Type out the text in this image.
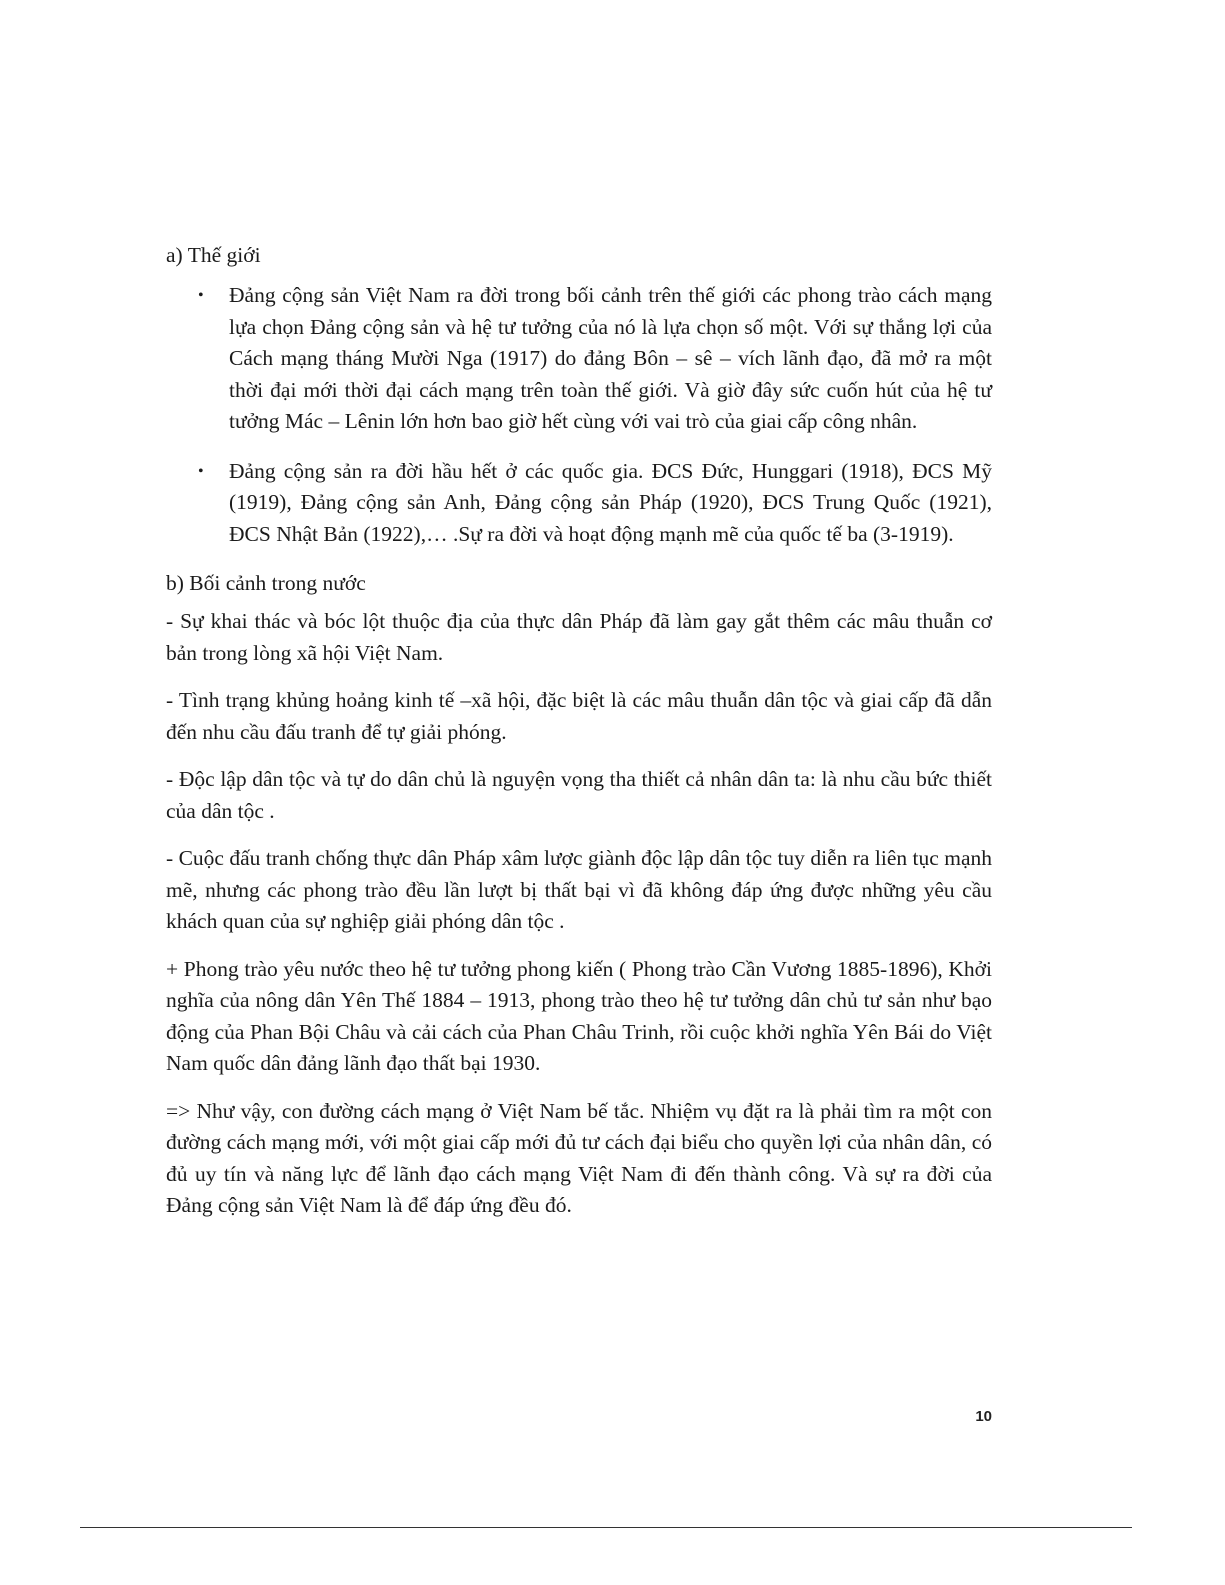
a) Thế giới

• Đảng cộng sản Việt Nam ra đời trong bối cảnh trên thế giới các phong trào cách mạng lựa chọn Đảng cộng sản và hệ tư tưởng của nó là lựa chọn số một. Với sự thắng lợi của Cách mạng tháng Mười Nga (1917) do đảng Bôn – sê – vích lãnh đạo, đã mở ra một thời đại mới thời đại cách mạng trên toàn thế giới. Và giờ đây sức cuốn hút của hệ tư tưởng Mác – Lênin lớn hơn bao giờ hết cùng với vai trò của giai cấp công nhân.
• Đảng cộng sản ra đời hầu hết ở các quốc gia. ĐCS Đức, Hunggari (1918), ĐCS Mỹ (1919), Đảng cộng sản Anh, Đảng cộng sản Pháp (1920), ĐCS Trung Quốc (1921), ĐCS Nhật Bản (1922),… .Sự ra đời và hoạt động mạnh mẽ của quốc tế ba (3-1919).

b) Bối cảnh trong nước

- Sự khai thác và bóc lột thuộc địa của thực dân Pháp đã làm gay gắt thêm các mâu thuẫn cơ bản trong lòng xã hội Việt Nam.

- Tình trạng khủng hoảng kinh tế –xã hội, đặc biệt là các mâu thuẫn dân tộc và giai cấp đã dẫn đến nhu cầu đấu tranh để tự giải phóng.

- Độc lập dân tộc và tự do dân chủ là nguyện vọng tha thiết cả nhân dân ta: là nhu cầu bức thiết của dân tộc .

- Cuộc đấu tranh chống thực dân Pháp xâm lược giành độc lập dân tộc tuy diễn ra liên tục mạnh mẽ, nhưng các phong trào đều lần lượt bị thất bại vì đã không đáp ứng được những yêu cầu khách quan của sự nghiệp giải phóng dân tộc .

+ Phong trào yêu nước theo hệ tư tưởng phong kiến ( Phong trào Cần Vương 1885-1896), Khởi nghĩa của nông dân Yên Thế 1884 – 1913, phong trào theo hệ tư tưởng dân chủ tư sản như bạo động của Phan Bội Châu và cải cách của Phan Châu Trinh, rồi cuộc khởi nghĩa Yên Bái do Việt Nam quốc dân đảng lãnh đạo thất bại 1930.

=> Như vậy, con đường cách mạng ở Việt Nam bế tắc. Nhiệm vụ đặt ra là phải tìm ra một con đường cách mạng mới, với một giai cấp mới đủ tư cách đại biểu cho quyền lợi của nhân dân, có đủ uy tín và năng lực để lãnh đạo cách mạng Việt Nam đi đến thành công. Và sự ra đời của Đảng cộng sản Việt Nam là để đáp ứng đều đó.

10
